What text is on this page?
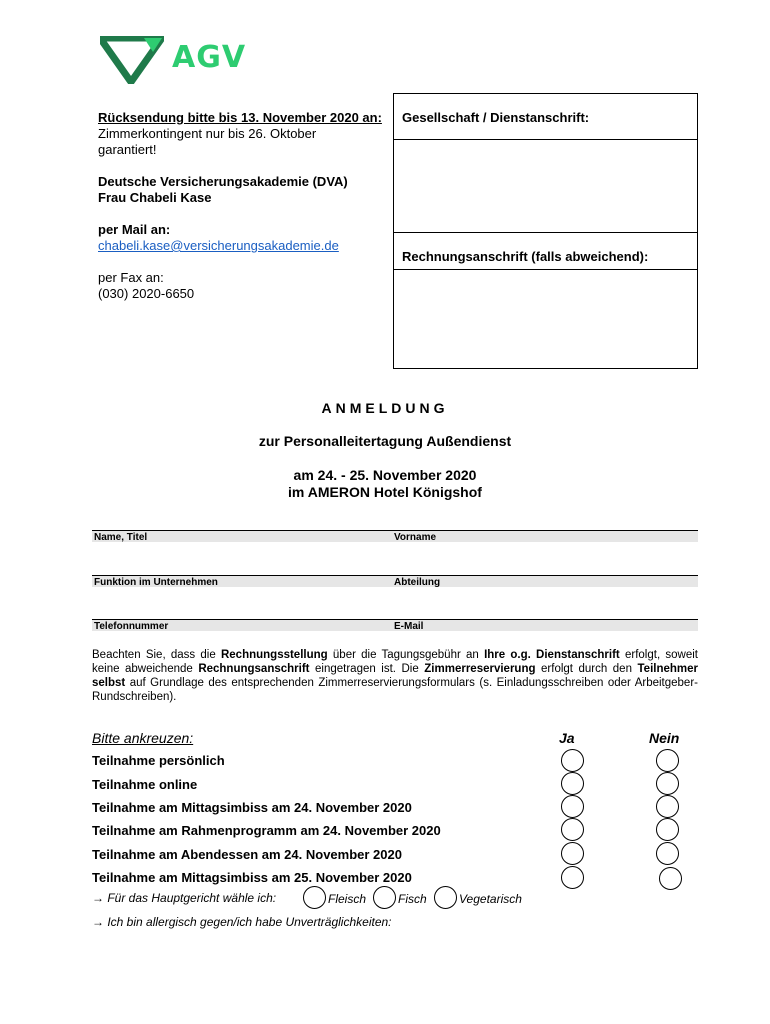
AGV
Rücksendung bitte bis 13. November 2020 an:
Zimmerkontingent nur bis 26. Oktober
garantiert!
Deutsche Versicherungsakademie (DVA)
Frau Chabeli Kase
per Mail an:
chabeli.kase@versicherungsakademie.de
per Fax an:
(030) 2020-6650
Gesellschaft / Dienstanschrift:
Rechnungsanschrift (falls abweichend):
ANMELDUNG
zur Personalleitertagung Außendienst
am 24. - 25. November 2020
im AMERON Hotel Königshof
Name, Titel	Vorname
Funktion im Unternehmen	Abteilung
Telefonnummer	E-Mail
Beachten Sie, dass die Rechnungsstellung über die Tagungsgebühr an Ihre o.g. Dienstanschrift erfolgt, soweit keine abweichende Rechnungsanschrift eingetragen ist. Die Zimmerreservierung erfolgt durch den Teilnehmer selbst auf Grundlage des entsprechenden Zimmerreservierungsformulars (s. Einladungsschreiben oder Arbeitgeber-Rundschreiben).
Bitte ankreuzen:	Ja	Nein
Teilnahme persönlich
Teilnahme online
Teilnahme am Mittagsimbiss am 24. November 2020
Teilnahme am Rahmenprogramm am 24. November 2020
Teilnahme am Abendessen am 24. November 2020
Teilnahme am Mittagsimbiss am 25. November 2020
→ Für das Hauptgericht wähle ich:	Fleisch	Fisch	Vegetarisch
→ Ich bin allergisch gegen/ich habe Unverträglichkeiten:
